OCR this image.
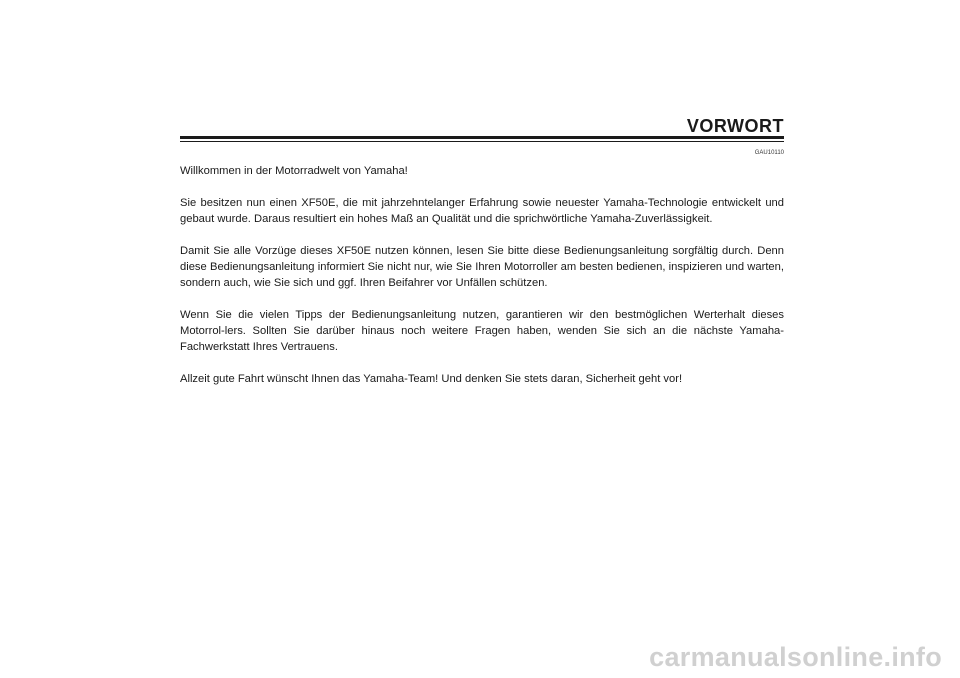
VORWORT
GAU10110

Willkommen in der Motorradwelt von Yamaha!

Sie besitzen nun einen XF50E, die mit jahrzehntelanger Erfahrung sowie neuester Yamaha-Technologie entwickelt und gebaut wurde. Daraus resultiert ein hohes Maß an Qualität und die sprichwörtliche Yamaha-Zuverlässigkeit.

Damit Sie alle Vorzüge dieses XF50E nutzen können, lesen Sie bitte diese Bedienungsanleitung sorgfältig durch. Denn diese Bedienungsanleitung informiert Sie nicht nur, wie Sie Ihren Motorroller am besten bedienen, inspizieren und warten, sondern auch, wie Sie sich und ggf. Ihren Beifahrer vor Unfällen schützen.

Wenn Sie die vielen Tipps der Bedienungsanleitung nutzen, garantieren wir den bestmöglichen Werterhalt dieses Motorrol-lers. Sollten Sie darüber hinaus noch weitere Fragen haben, wenden Sie sich an die nächste Yamaha-Fachwerkstatt Ihres Vertrauens.

Allzeit gute Fahrt wünscht Ihnen das Yamaha-Team! Und denken Sie stets daran, Sicherheit geht vor!

carmanualsonline.info
